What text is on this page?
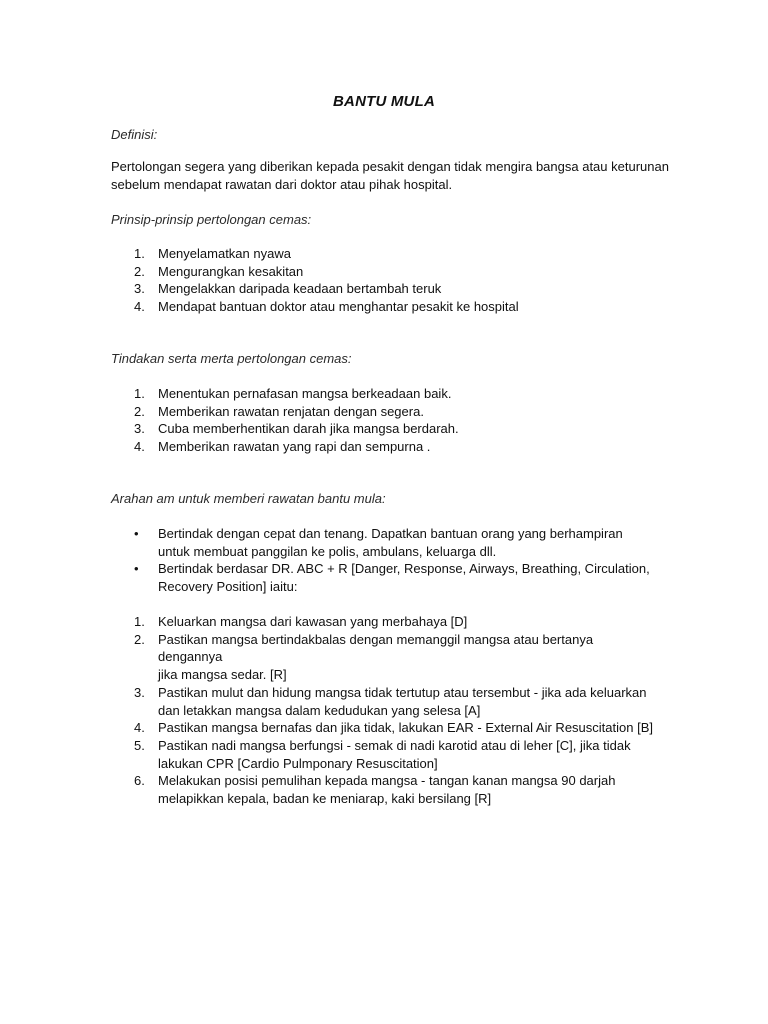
BANTU MULA
Definisi:
Pertolongan segera yang diberikan kepada pesakit dengan tidak mengira bangsa atau keturunan
sebelum mendapat rawatan dari doktor atau pihak hospital.
Prinsip-prinsip pertolongan cemas:
1. Menyelamatkan nyawa
2. Mengurangkan kesakitan
3. Mengelakkan daripada keadaan bertambah teruk
4. Mendapat bantuan doktor atau menghantar pesakit ke hospital
Tindakan serta merta pertolongan cemas:
1. Menentukan pernafasan mangsa berkeadaan baik.
2. Memberikan rawatan renjatan dengan segera.
3. Cuba memberhentikan darah jika mangsa berdarah.
4. Memberikan rawatan yang rapi dan sempurna .
Arahan am untuk memberi rawatan bantu mula:
• Bertindak dengan cepat dan tenang. Dapatkan bantuan orang yang berhampiran untuk membuat panggilan ke polis, ambulans, keluarga dll.
• Bertindak berdasar DR. ABC + R [Danger, Response, Airways, Breathing, Circulation, Recovery Position] iaitu:
1. Keluarkan mangsa dari kawasan yang merbahaya [D]
2. Pastikan mangsa bertindakbalas dengan memanggil mangsa atau bertanya dengannya
jika mangsa sedar. [R]
3. Pastikan mulut dan hidung mangsa tidak tertutup atau tersembut - jika ada keluarkan
dan letakkan mangsa dalam kedudukan yang selesa [A]
4. Pastikan mangsa bernafas dan jika tidak, lakukan EAR - External Air Resuscitation [B]
5. Pastikan nadi mangsa berfungsi - semak di nadi karotid atau di leher [C], jika tidak
lakukan CPR [Cardio Pulmponary Resuscitation]
6. Melakukan posisi pemulihan kepada mangsa - tangan kanan mangsa 90 darjah
melapikkan kepala, badan ke meniarap, kaki bersilang [R]
